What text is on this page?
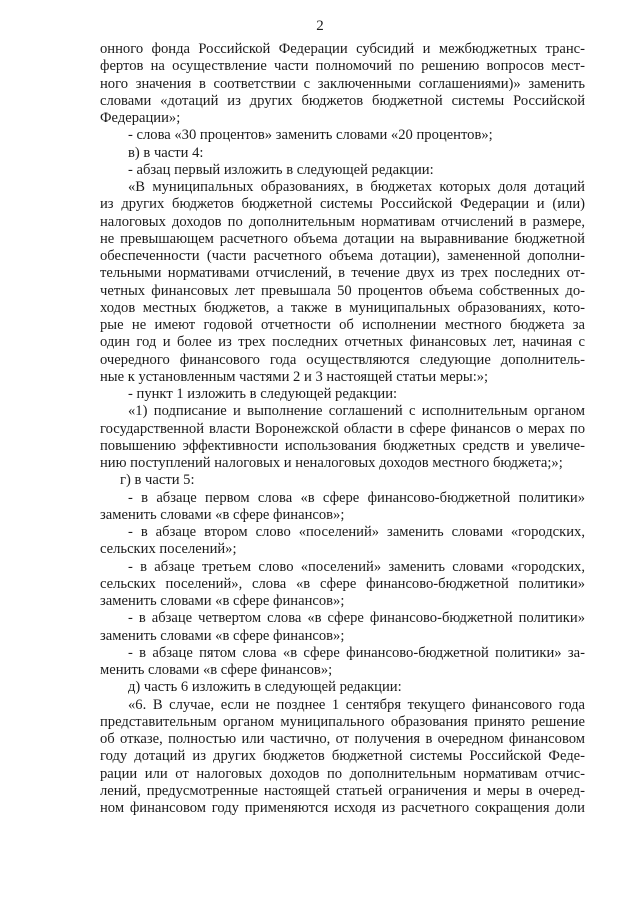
2
онного фонда Российской Федерации субсидий и межбюджетных транс-
фертов на осуществление части полномочий по решению вопросов мест-
ного значения в соответствии с заключенными соглашениями)» заменить
словами «дотаций из других бюджетов бюджетной системы Российской
Федерации»;
- слова «30 процентов» заменить словами «20 процентов»;
в) в части 4:
- абзац первый изложить в следующей редакции:
«В муниципальных образованиях, в бюджетах которых доля дотаций
из других бюджетов бюджетной системы Российской Федерации и (или)
налоговых доходов по дополнительным нормативам отчислений в размере,
не превышающем расчетного объема дотации на выравнивание бюджетной
обеспеченности (части расчетного объема дотации), замененной дополни-
тельными нормативами отчислений, в течение двух из трех последних от-
четных финансовых лет превышала 50 процентов объема собственных до-
ходов местных бюджетов, а также в муниципальных образованиях, кото-
рые не имеют годовой отчетности об исполнении местного бюджета за
один год и более из трех последних отчетных финансовых лет, начиная с
очередного финансового года осуществляются следующие дополнитель-
ные к установленным частями 2 и 3 настоящей статьи меры:»;
- пункт 1 изложить в следующей редакции:
«1) подписание и выполнение соглашений с исполнительным органом
государственной власти Воронежской области в сфере финансов о мерах по
повышению эффективности использования бюджетных средств и увеличе-
нию поступлений налоговых и неналоговых доходов местного бюджета;»;
г) в части 5:
- в абзаце первом слова «в сфере финансово-бюджетной политики»
заменить словами «в сфере финансов»;
- в абзаце втором слово «поселений» заменить словами «городских,
сельских поселений»;
- в абзаце третьем слово «поселений» заменить словами «городских,
сельских поселений», слова «в сфере финансово-бюджетной политики»
заменить словами «в сфере финансов»;
- в абзаце четвертом слова «в сфере финансово-бюджетной политики»
заменить словами «в сфере финансов»;
- в абзаце пятом слова «в сфере финансово-бюджетной политики» за-
менить словами «в сфере финансов»;
д) часть 6 изложить в следующей редакции:
«6. В случае, если не позднее 1 сентября текущего финансового года
представительным органом муниципального образования принято решение
об отказе, полностью или частично, от получения в очередном финансовом
году дотаций из других бюджетов бюджетной системы Российской Феде-
рации или от налоговых доходов по дополнительным нормативам отчис-
лений, предусмотренные настоящей статьей ограничения и меры в очеред-
ном финансовом году применяются исходя из расчетного сокращения доли
